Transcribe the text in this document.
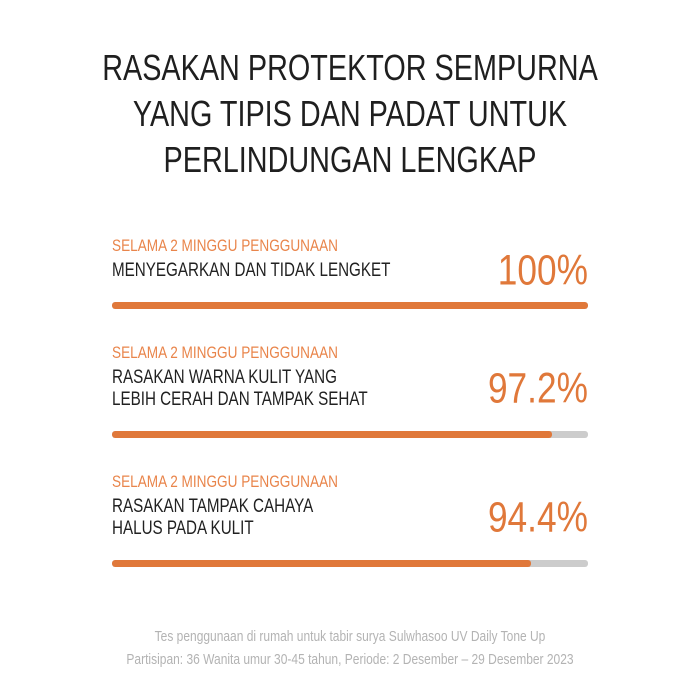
RASAKAN PROTEKTOR SEMPURNA
YANG TIPIS DAN PADAT UNTUK
PERLINDUNGAN LENGKAP
SELAMA 2 MINGGU PENGGUNAAN
MENYEGARKAN DAN TIDAK LENGKET	100%
SELAMA 2 MINGGU PENGGUNAAN
RASAKAN WARNA KULIT YANG
LEBIH CERAH DAN TAMPAK SEHAT	97.2%
SELAMA 2 MINGGU PENGGUNAAN
RASAKAN TAMPAK CAHAYA
HALUS PADA KULIT	94.4%
Tes penggunaan di rumah untuk tabir surya Sulwhasoo UV Daily Tone Up
Partisipan: 36 Wanita umur 30-45 tahun, Periode: 2 Desember – 29 Desember 2023
